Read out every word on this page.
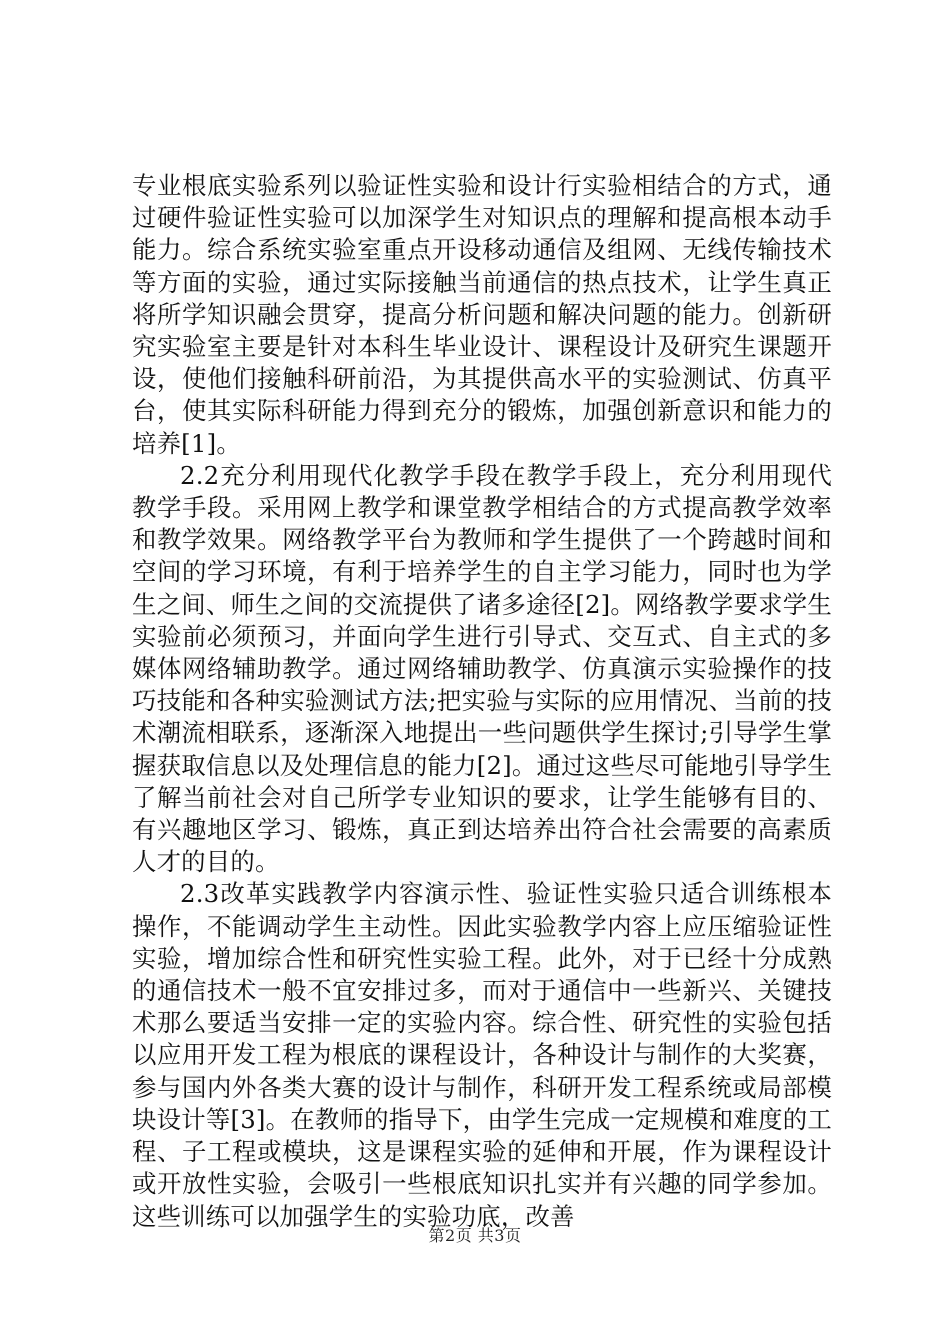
专业根底实验系列以验证性实验和设计行实验相结合的方式，通过硬件验证性实验可以加深学生对知识点的理解和提高根本动手能力。综合系统实验室重点开设移动通信及组网、无线传输技术等方面的实验，通过实际接触当前通信的热点技术，让学生真正将所学知识融会贯穿，提高分析问题和解决问题的能力。创新研究实验室主要是针对本科生毕业设计、课程设计及研究生课题开设，使他们接触科研前沿，为其提供高水平的实验测试、仿真平台，使其实际科研能力得到充分的锻炼，加强创新意识和能力的培养[1]。

2.2充分利用现代化教学手段在教学手段上，充分利用现代教学手段。采用网上教学和课堂教学相结合的方式提高教学效率和教学效果。网络教学平台为教师和学生提供了一个跨越时间和空间的学习环境，有利于培养学生的自主学习能力，同时也为学生之间、师生之间的交流提供了诸多途径[2]。网络教学要求学生实验前必须预习，并面向学生进行引导式、交互式、自主式的多媒体网络辅助教学。通过网络辅助教学、仿真演示实验操作的技巧技能和各种实验测试方法;把实验与实际的应用情况、当前的技术潮流相联系，逐渐深入地提出一些问题供学生探讨;引导学生掌握获取信息以及处理信息的能力[2]。通过这些尽可能地引导学生了解当前社会对自己所学专业知识的要求，让学生能够有目的、有兴趣地区学习、锻炼，真正到达培养出符合社会需要的高素质人才的目的。

2.3改革实践教学内容演示性、验证性实验只适合训练根本操作，不能调动学生主动性。因此实验教学内容上应压缩验证性实验，增加综合性和研究性实验工程。此外，对于已经十分成熟的通信技术一般不宜安排过多，而对于通信中一些新兴、关键技术那么要适当安排一定的实验内容。综合性、研究性的实验包括以应用开发工程为根底的课程设计，各种设计与制作的大奖赛，参与国内外各类大赛的设计与制作，科研开发工程系统或局部模块设计等[3]。在教师的指导下，由学生完成一定规模和难度的工程、子工程或模块，这是课程实验的延伸和开展，作为课程设计或开放性实验，会吸引一些根底知识扎实并有兴趣的同学参加。这些训练可以加强学生的实验功底，改善

第2页 共3页
